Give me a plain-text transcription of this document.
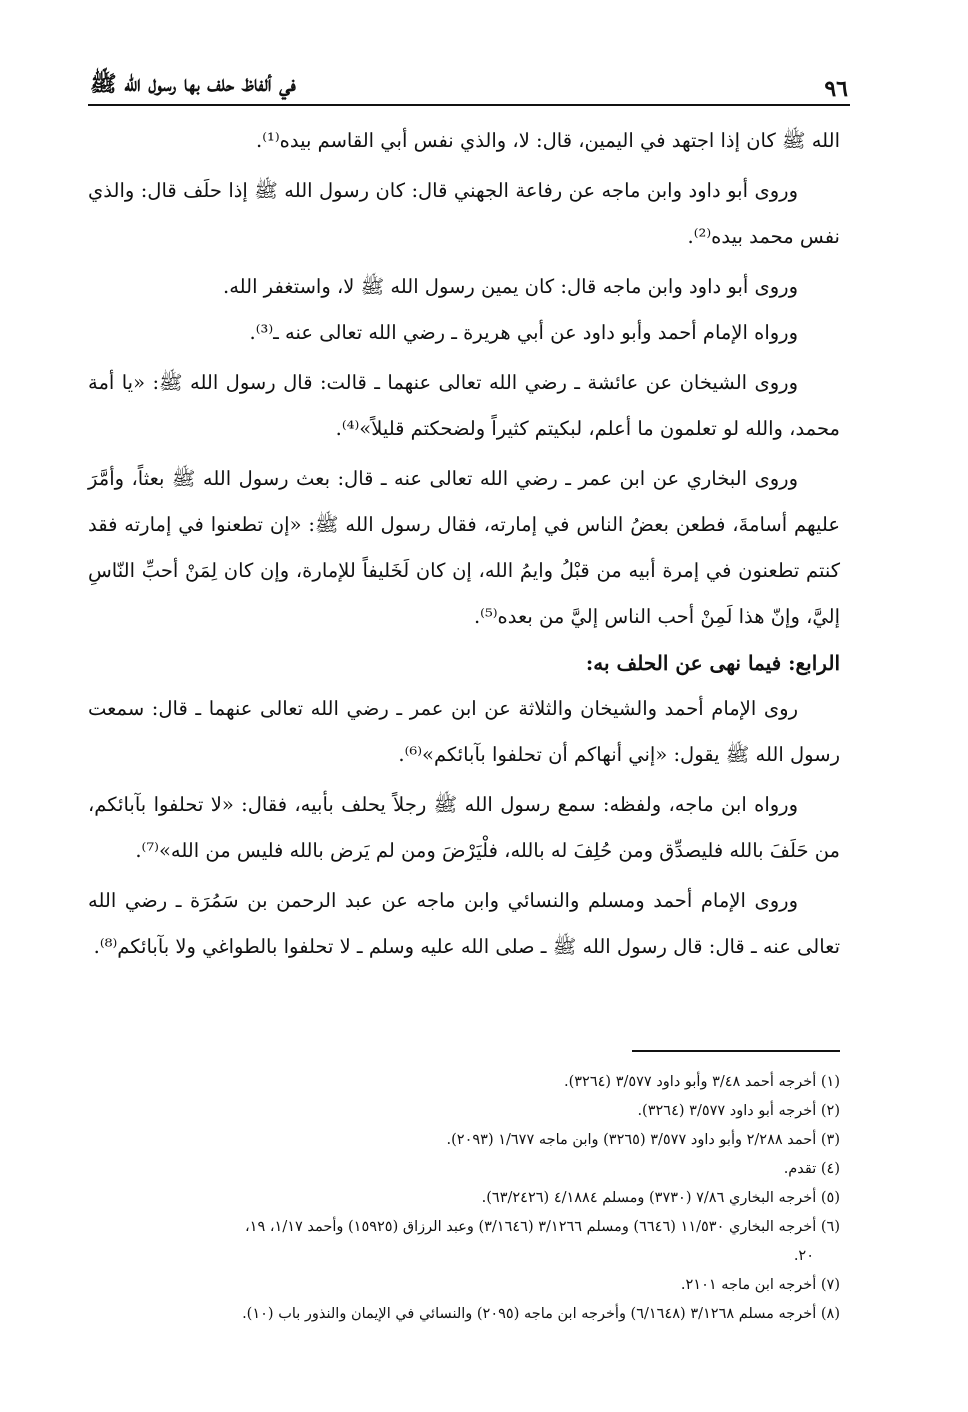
٩٦
في ألفاظ حلف بها رسول الله ﷺ

الله ﷺ كان إذا اجتهد في اليمين، قال: لا، والذي نفس أبي القاسم بيده⁽¹⁾.

وروى أبو داود وابن ماجه عن رفاعة الجهني قال: كان رسول الله ﷺ إذا حلَف قال: والذي نفس محمد بيده⁽²⁾.

وروى أبو داود وابن ماجه قال: كان يمين رسول الله ﷺ لا، واستغفر الله.

ورواه الإمام أحمد وأبو داود عن أبي هريرة ـ رضي الله تعالى عنه ـ⁽³⁾.

وروى الشيخان عن عائشة ـ رضي الله تعالى عنهما ـ قالت: قال رسول الله ﷺ: «يا أمة محمد، والله لو تعلمون ما أعلم، لبكيتم كثيراً ولضحكتم قليلاً»⁽⁴⁾.

وروى البخاري عن ابن عمر ـ رضي الله تعالى عنه ـ قال: بعث رسول الله ﷺ بعثاً، وأمَّرَ عليهم أسامةَ، فطعن بعضُ الناس في إمارته، فقال رسول الله ﷺ: «إن تطعنوا في إمارته فقد كنتم تطعنون في إمرة أبيه من قبْلُ وايمُ الله، إن كان لَخَليفاً للإمارة، وإن كان لِمَنْ أحبِّ النّاسِ إليَّ، وإنّ هذا لَمِنْ أحب الناس إليَّ من بعده⁽⁵⁾.

الرابع: فيما نهى عن الحلف به:

روى الإمام أحمد والشيخان والثلاثة عن ابن عمر ـ رضي الله تعالى عنهما ـ قال: سمعت رسول الله ﷺ يقول: «إني أنهاكم أن تحلفوا بآبائكم»⁽⁶⁾.

ورواه ابن ماجه، ولفظه: سمع رسول الله ﷺ رجلاً يحلف بأبيه، فقال: «لا تحلفوا بآبائكم، من حَلَفَ بالله فليصدِّق ومن حُلِفَ له بالله، فلْيَرْضَ ومن لم يَرض بالله فليس من الله»⁽⁷⁾.

وروى الإمام أحمد ومسلم والنسائي وابن ماجه عن عبد الرحمن بن سَمُرَة ـ رضي الله تعالى عنه ـ قال: قال رسول الله ﷺ ـ صلى الله عليه وسلم ـ لا تحلفوا بالطواغي ولا بآبائكم⁽⁸⁾.

(١) أخرجه أحمد ٣/٤٨ وأبو داود ٣/٥٧٧ (٣٢٦٤).
(٢) أخرجه أبو داود ٣/٥٧٧ (٣٢٦٤).
(٣) أحمد ٢/٢٨٨ وأبو داود ٣/٥٧٧ (٣٢٦٥) وابن ماجه ١/٦٧٧ (٢٠٩٣).
(٤) تقدم.
(٥) أخرجه البخاري ٧/٨٦ (٣٧٣٠) ومسلم ٤/١٨٨٤ (٦٣/٢٤٢٦).
(٦) أخرجه البخاري ١١/٥٣٠ (٦٦٤٦) ومسلم ٣/١٢٦٦ (٣/١٦٤٦) وعبد الرزاق (١٥٩٢٥) وأحمد ١/١٧، ١٩،
٢٠.
(٧) أخرجه ابن ماجه ٢١٠١.
(٨) أخرجه مسلم ٣/١٢٦٨ (٦/١٦٤٨) وأخرجه ابن ماجه (٢٠٩٥) والنسائي في الإيمان والنذور باب (١٠).
